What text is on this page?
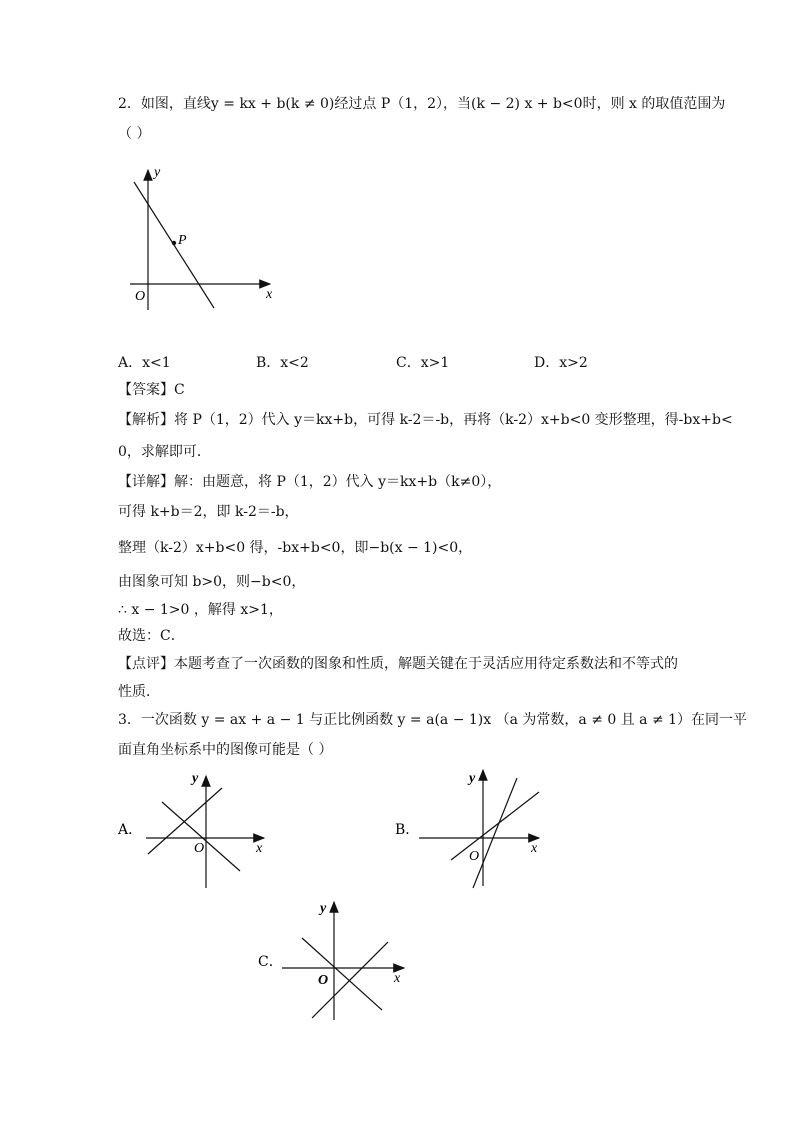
2．如图，直线y = kx + b(k ≠ 0)经过点 P（1，2），当(k − 2) x + b<0时，则 x 的取值范围为
（ ）
y
x
O
P
A．x<1	B．x<2	C．x>1	D．x>2
【答案】C
【解析】将 P（1，2）代入 y＝kx+b，可得 k-2＝-b，再将（k-2）x+b<0 变形整理，得-bx+b<
0，求解即可．
【详解】解：由题意，将 P（1，2）代入 y＝kx+b（k≠0），
可得 k+b＝2，即 k-2＝-b，
整理（k-2）x+b<0 得，-bx+b<0，即−b(x − 1)<0，
由图象可知 b>0，则−b<0，
∴ x − 1>0 ，解得 x>1，
故选：C．
【点评】本题考查了一次函数的图象和性质，解题关键在于灵活应用待定系数法和不等式的
性质．
3．一次函数 y = ax + a − 1 与正比例函数 y = a(a − 1)x （a 为常数，a ≠ 0 且 a ≠ 1）在同一平
面直角坐标系中的图像可能是（ ）
A．
y
x
O
B．
y
x
O
C．
y
x
O
